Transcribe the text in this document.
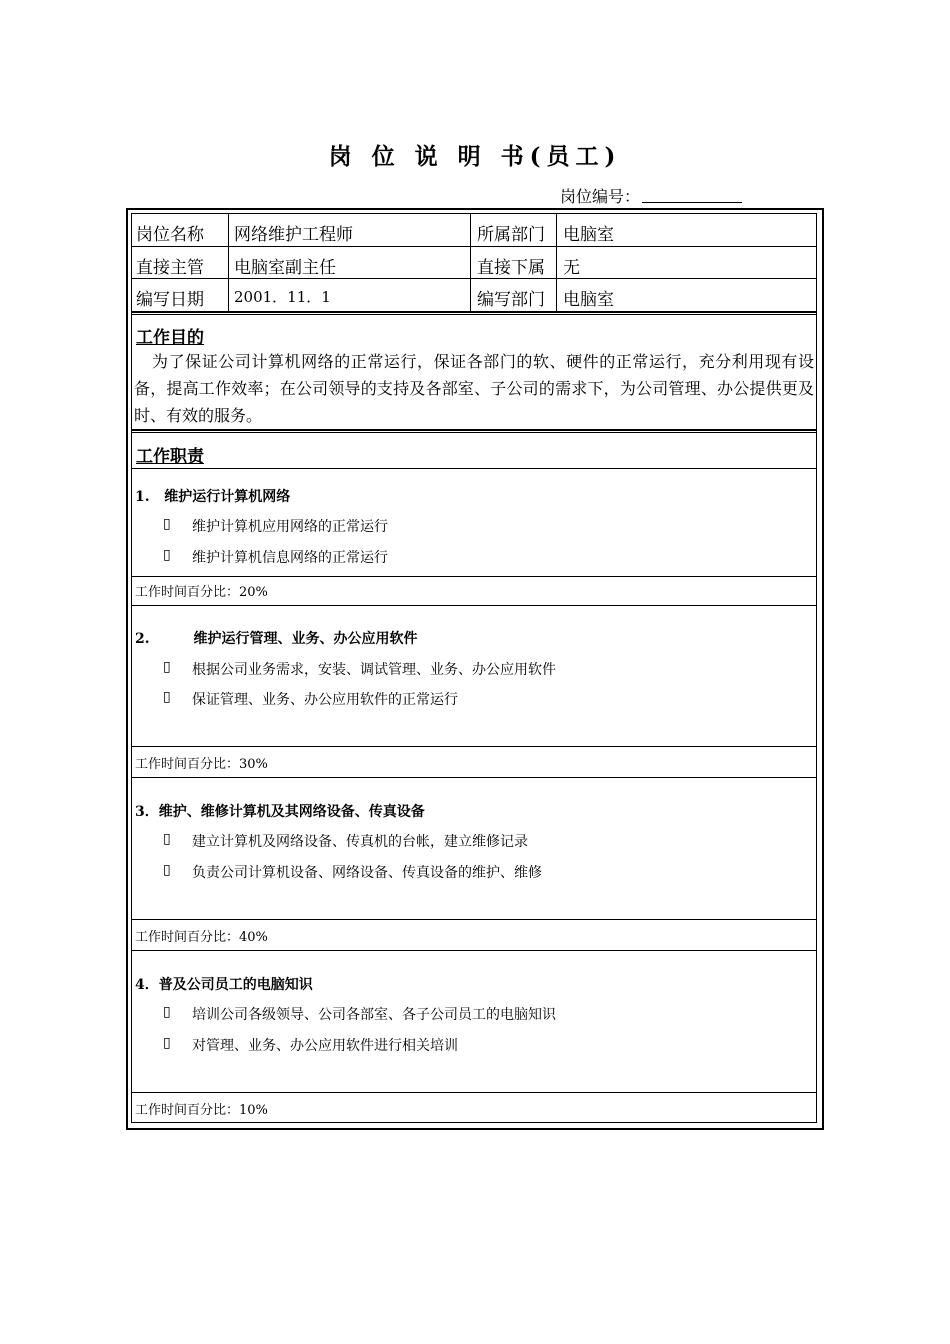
岗 位 说 明 书(员工)
岗位编号：
岗位名称 网络维护工程师	所属部门 电脑室
直接主管 电脑室副主任	直接下属 无
编写日期 2001．11．1	编写部门 电脑室
工作目的
为了保证公司计算机网络的正常运行，保证各部门的软、硬件的正常运行，充分利用现有设备，提高工作效率；在公司领导的支持及各部室、子公司的需求下，为公司管理、办公提供更及时、有效的服务。
工作职责
1.   维护运行计算机网络
▯ 维护计算机应用网络的正常运行
▯ 维护计算机信息网络的正常运行
工作时间百分比：20%
2.         维护运行管理、业务、办公应用软件
▯ 根据公司业务需求，安装、调试管理、业务、办公应用软件
▯ 保证管理、业务、办公应用软件的正常运行
工作时间百分比：30%
3．维护、维修计算机及其网络设备、传真设备
▯ 建立计算机及网络设备、传真机的台帐，建立维修记录
▯ 负责公司计算机设备、网络设备、传真设备的维护、维修
工作时间百分比：40%
4．普及公司员工的电脑知识
▯ 培训公司各级领导、公司各部室、各子公司员工的电脑知识
▯ 对管理、业务、办公应用软件进行相关培训
工作时间百分比：10%
